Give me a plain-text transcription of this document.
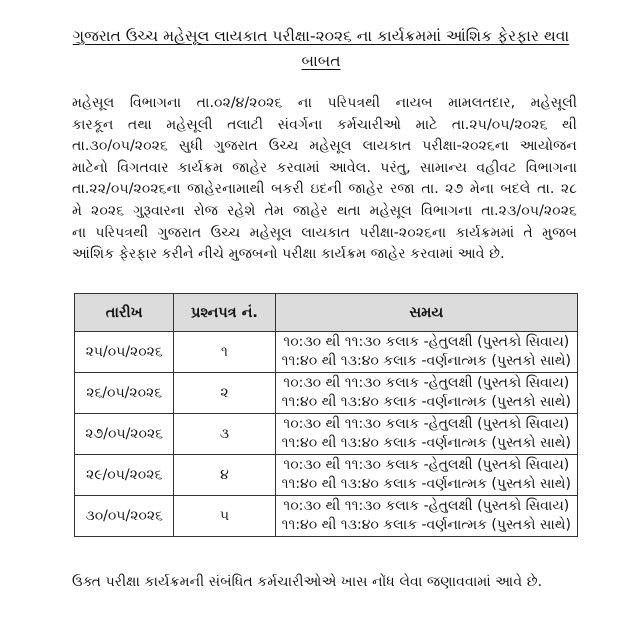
ગુજરાત ઉચ્ચ મહેસૂલ લાયકાત પરીક્ષા-૨૦૨૬ ના કાર્યક્રમમાં આંશિક ફેરફાર થવા
બાબત
મહેસૂલ વિભાગના તા.૦૨/૪/૨૦૨૬ ના પરિપત્રથી નાયબ મામલતદાર, મહેસૂલી
કારકૂન તથા મહેસૂલી તલાટી સંવર્ગના કર્મચારીઓ માટે તા.૨૫/૦૫/૨૦૨૬ થી
તા.૩૦/૦૫/૨૦૨૬ સુધી ગુજરાત ઉચ્ચ મહેસૂલ લાયકાત પરીક્ષા-૨૦૨૬ના આયોજન
માટેનો વિગતવાર કાર્યક્રમ જાહેર કરવામાં આવેલ. પરંતુ, સામાન્ય વહીવટ વિભાગના
તા.૨૨/૦૫/૨૦૨૬ના જાહેરનામાથી બકરી ઇદની જાહેર રજા તા. ૨૭ મેના બદલે તા. ૨૮
મે ૨૦૨૬ ગુરૂવારના રોજ રહેશે તેમ જાહેર થતા મહેસૂલ વિભાગના તા.૨૩/૦૫/૨૦૨૬
ના પરિપત્રથી ગુજરાત ઉચ્ચ મહેસૂલ લાયકાત પરીક્ષા-૨૦૨૬ના કાર્યક્રમમાં તે મુજબ
આંશિક ફેરફાર કરીને નીચે મુજબનો પરીક્ષા કાર્યક્રમ જાહેર કરવામાં આવે છે.
તારીખ	પ્રશ્નપત્ર નં.	સમય
૨૫/૦૫/૨૦૨૬	૧	૧૦:૩૦ થી ૧૧:૩૦ કલાક -હેતુલક્ષી (પુસ્તકો સિવાય)
૧૧:૪૦ થી ૧૩:૪૦ કલાક -વર્ણનાત્મક (પુસ્તકો સાથે)

૨૬/૦૫/૨૦૨૬	૨	૧૦:૩૦ થી ૧૧:૩૦ કલાક -હેતુલક્ષી (પુસ્તકો સિવાય)
૧૧:૪૦ થી ૧૩:૪૦ કલાક -વર્ણનાત્મક (પુસ્તકો સાથે)

૨૭/૦૫/૨૦૨૬	૩	૧૦:૩૦ થી ૧૧:૩૦ કલાક -હેતુલક્ષી (પુસ્તકો સિવાય)
૧૧:૪૦ થી ૧૩:૪૦ કલાક -વર્ણનાત્મક (પુસ્તકો સાથે)

૨૯/૦૫/૨૦૨૬	૪	૧૦:૩૦ થી ૧૧:૩૦ કલાક -હેતુલક્ષી (પુસ્તકો સિવાય)
૧૧:૪૦ થી ૧૩:૪૦ કલાક -વર્ણનાત્મક (પુસ્તકો સાથે)

૩૦/૦૫/૨૦૨૬	૫	૧૦:૩૦ થી ૧૧:૩૦ કલાક -હેતુલક્ષી (પુસ્તકો સિવાય)
૧૧:૪૦ થી ૧૩:૪૦ કલાક -વર્ણનાત્મક (પુસ્તકો સાથે)
ઉક્ત પરીક્ષા કાર્યક્રમની સંબંધિત કર્મચારીઓએ ખાસ નોંધ લેવા જણાવવામાં આવે છે.
